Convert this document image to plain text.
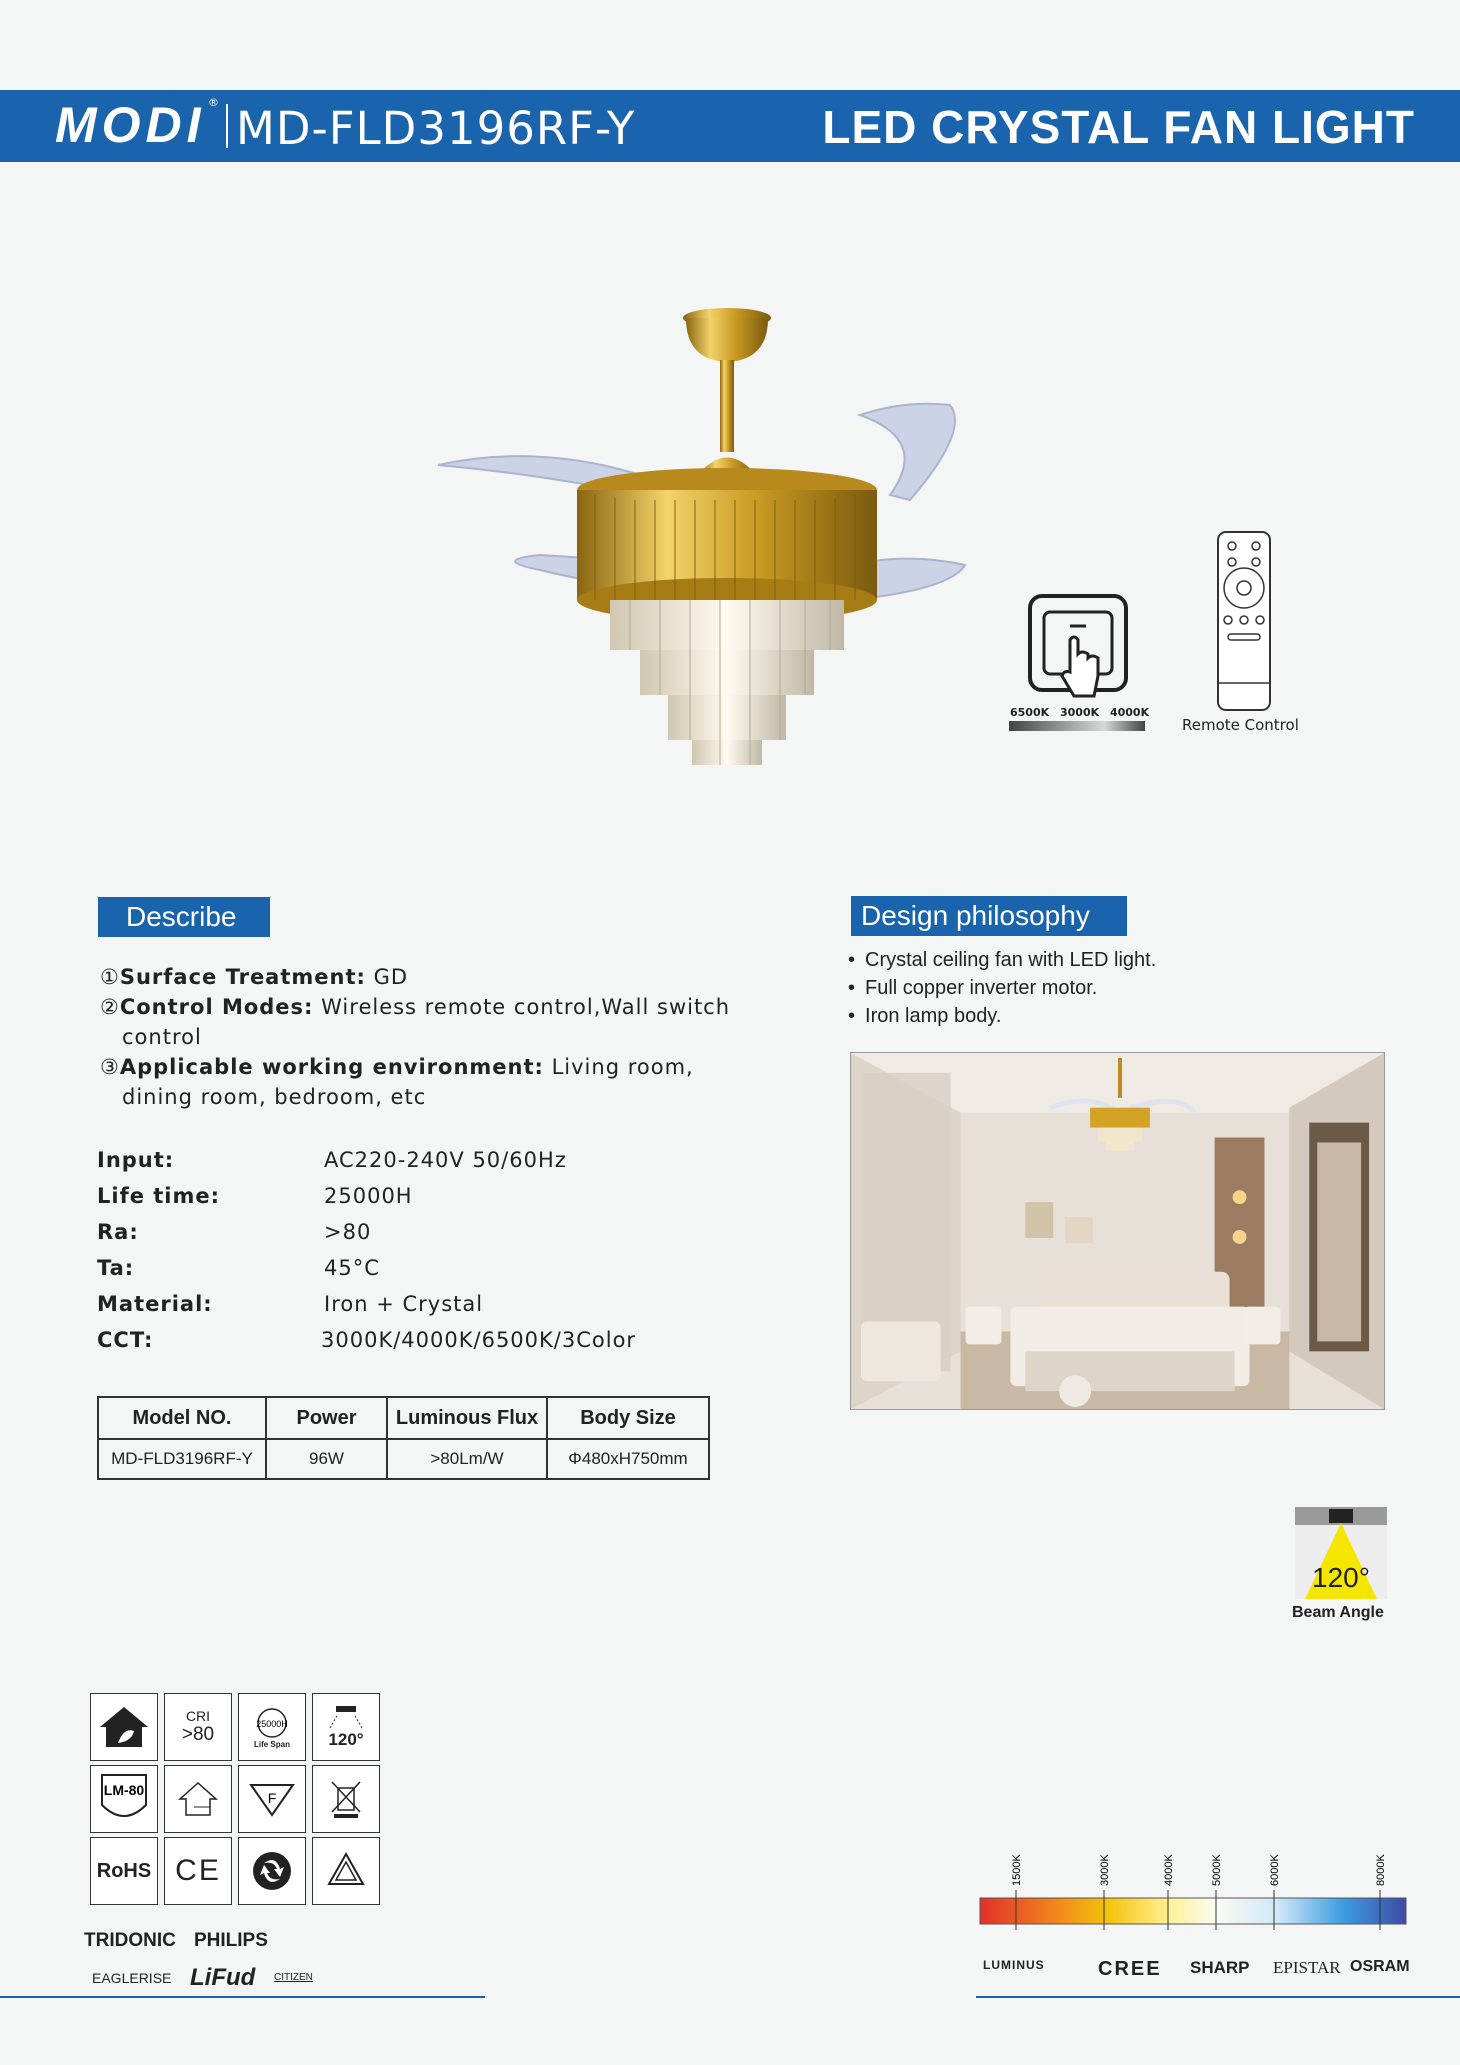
MODI ® MD-FLD3196RF-Y	LED CRYSTAL FAN LIGHT
6500K 3000K 4000K
Remote Control
Describe
①Surface Treatment: GD
②Control Modes: Wireless remote control,Wall switch control
③Applicable working environment: Living room, dining room, bedroom, etc
Input:	AC220-240V 50/60Hz
Life time:	25000H
Ra:	>80
Ta:	45°C
Material:	Iron + Crystal
CCT:	3000K/4000K/6500K/3Color
Model NO.	Power	Luminous Flux	Body Size
MD-FLD3196RF-Y	96W	>80Lm/W	Φ480xH750mm
Design philosophy
• Crystal ceiling fan with LED light.
• Full copper inverter motor.
• Iron lamp body.
120°
Beam Angle
CRI
>80
25000H
Life Span 120°
LM-80	F
RoHS CE
TRIDONIC PHILIPS
EAGLERISE LiFud CITIZEN
1500K	3000K	4000K	5000K	6000K	8000K
LUMINUS	CREE SHARP EPISTAR OSRAM
